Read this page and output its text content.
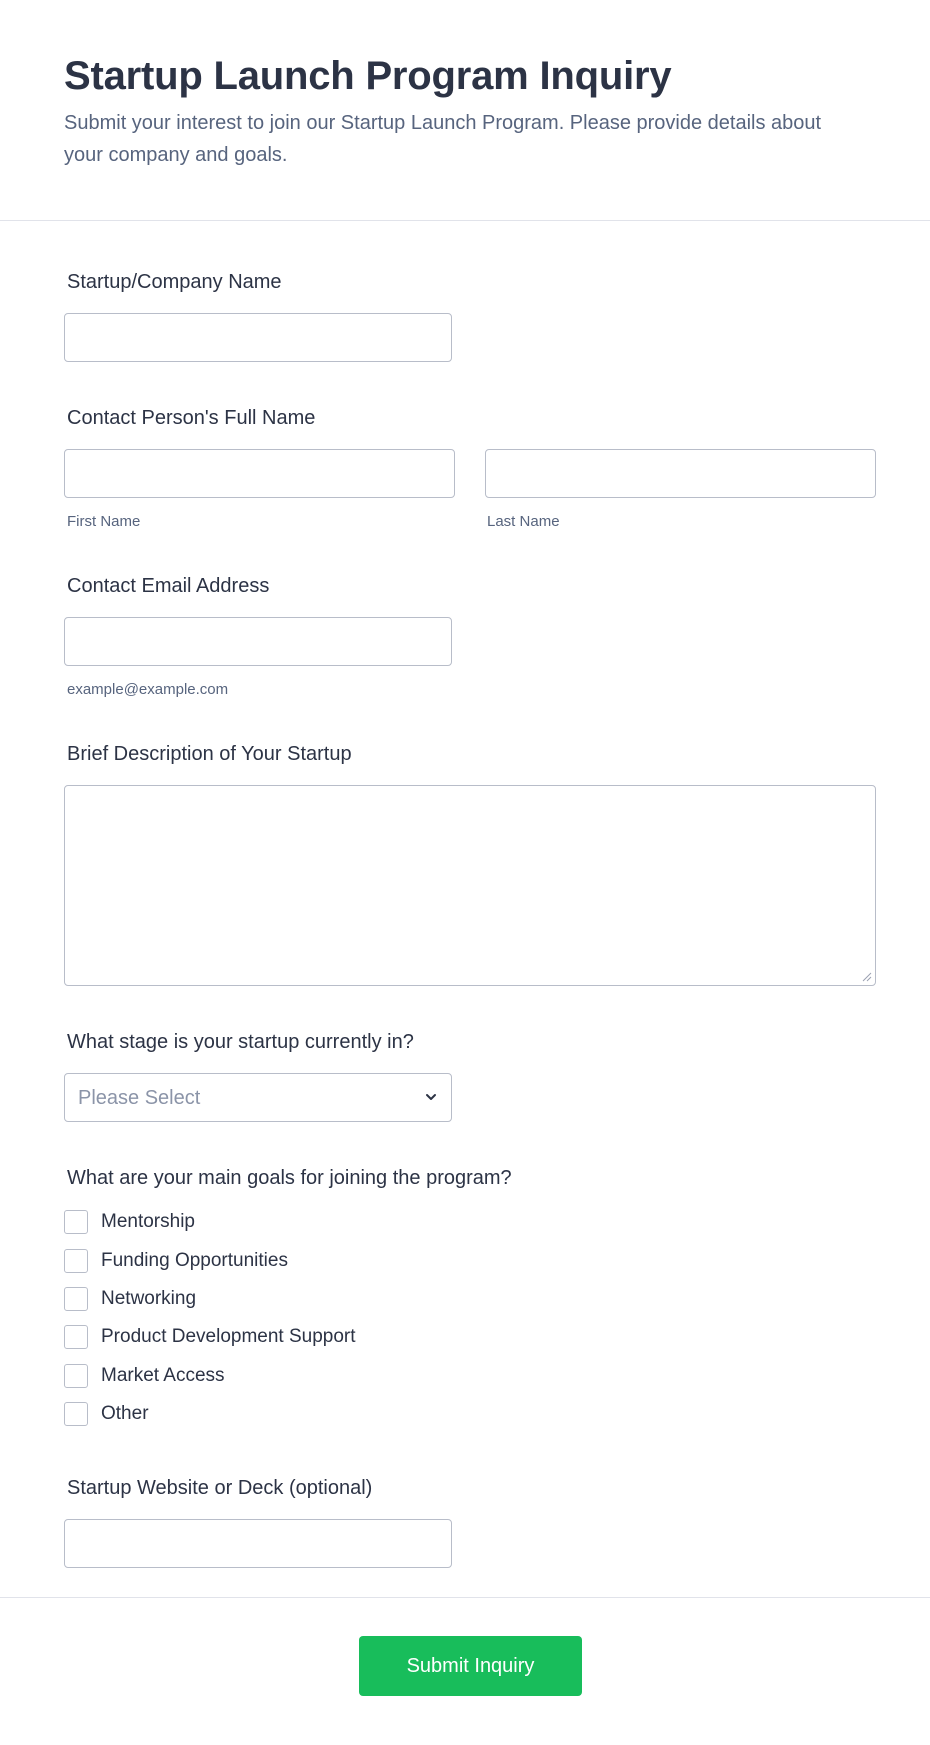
Startup Launch Program Inquiry

Submit your interest to join our Startup Launch Program. Please provide details about your company and goals.

Startup/Company Name
Contact Person's Full Name
First Name	Last Name
Contact Email Address
example@example.com
Brief Description of Your Startup
What stage is your startup currently in?
Please Select
What are your main goals for joining the program?
Mentorship
Funding Opportunities
Networking
Product Development Support
Market Access
Other
Startup Website or Deck (optional)
Submit Inquiry
